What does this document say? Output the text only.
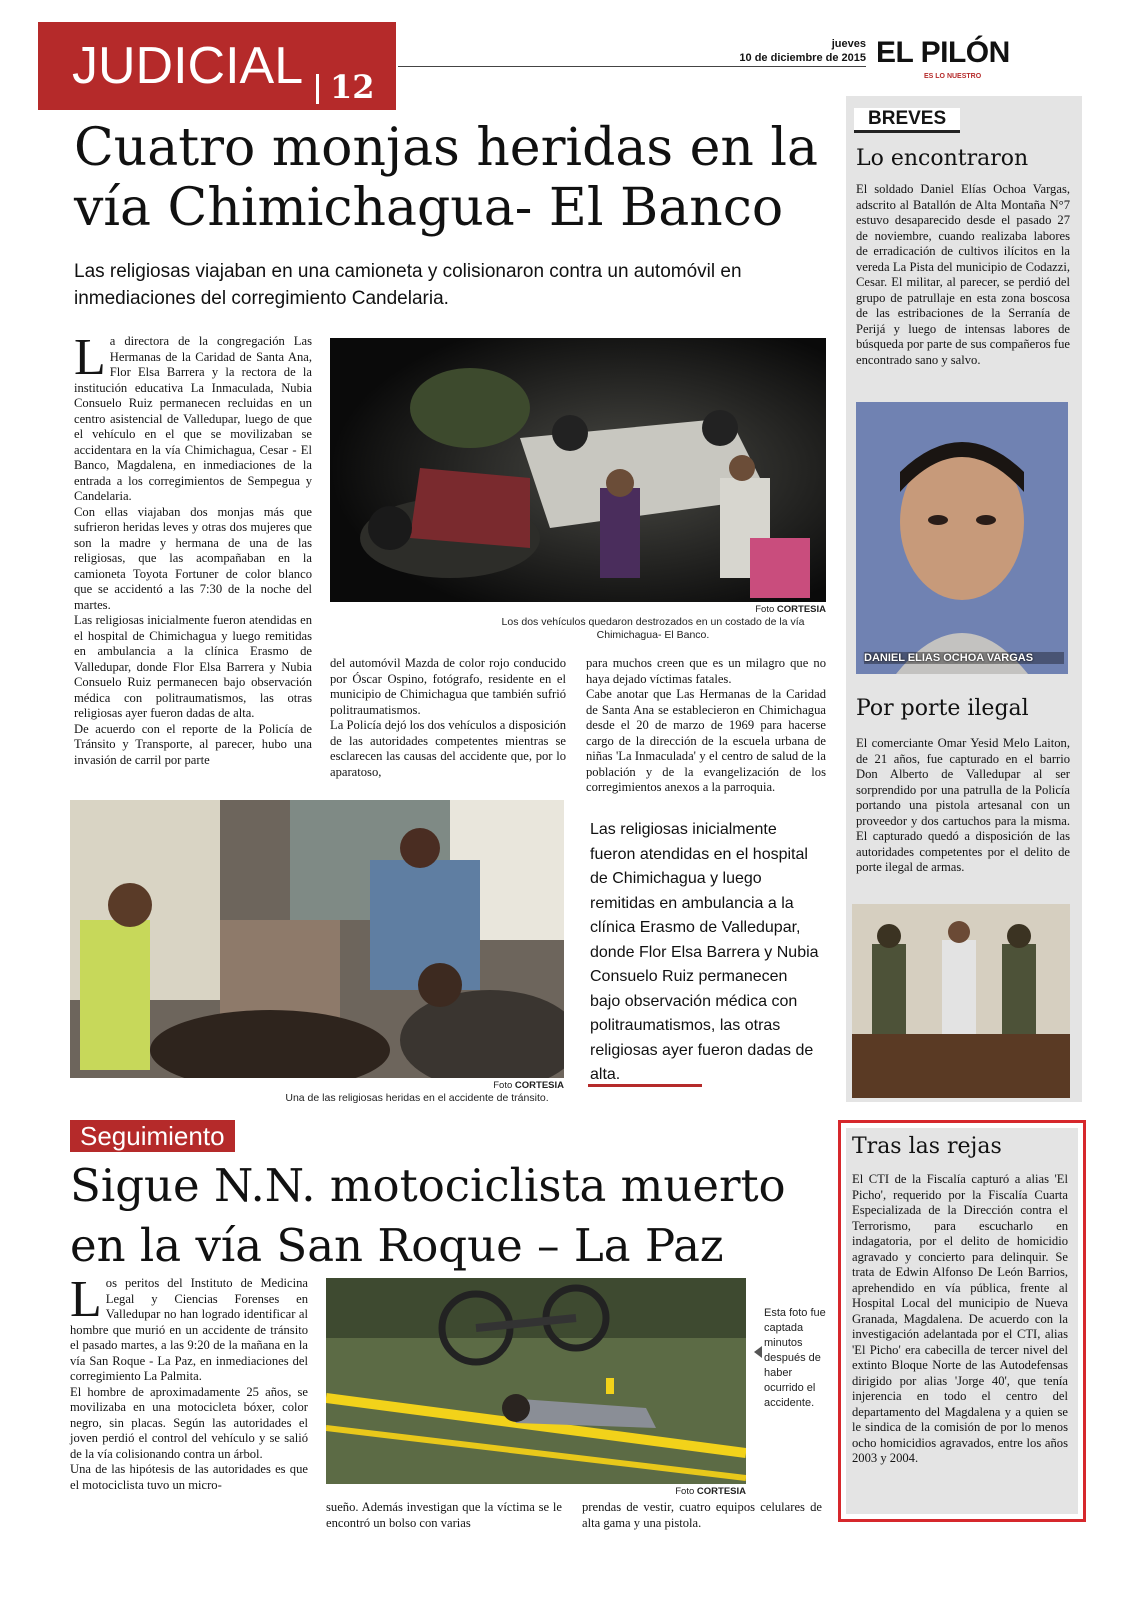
JUDICIAL 12
jueves
10 de diciembre de 2015 EL PILÓN
ES LO NUESTRO
Cuatro monjas heridas en la
vía Chimichagua- El Banco
Las religiosas viajaban en una camioneta y colisionaron contra un automóvil en inmediaciones del corregimiento Candelaria.
L a directora de la congregación Las Hermanas de la Caridad de Santa Ana, Flor Elsa Barrera y la rectora de la institución educativa La Inmaculada, Nubia Consuelo Ruiz permanecen recluidas en un centro asistencial de Valledupar, luego de que el vehículo en el que se movilizaban se accidentara en la vía Chimichagua, Cesar - El Banco, Magdalena, en inmediaciones de la entrada a los corregimientos de Sempegua y Candelaria.

Con ellas viajaban dos monjas más que sufrieron heridas leves y otras dos mujeres que son la madre y hermana de una de las religiosas, que las acompañaban en la camioneta Toyota Fortuner de color blanco que se accidentó a las 7:30 de la noche del martes.

Las religiosas inicialmente fueron atendidas en el hospital de Chimichagua y luego remitidas en ambulancia a la clínica Erasmo de Valledupar, donde Flor Elsa Barrera y Nubia Consuelo Ruiz permanecen bajo observación médica con politraumatismos, las otras religiosas ayer fueron dadas de alta.

De acuerdo con el reporte de la Policía de Tránsito y Transporte, al parecer, hubo una invasión de carril por parte

Foto CORTESIA
Los dos vehículos quedaron destrozados en un costado de la vía Chimichagua- El Banco.

del automóvil Mazda de color rojo conducido por Óscar Ospino, fotógrafo, residente en el municipio de Chimichagua que también sufrió politraumatismos.

La Policía dejó los dos vehículos a disposición de las autoridades competentes mientras se esclarecen las causas del accidente que, por lo aparatoso,

para muchos creen que es un milagro que no haya dejado víctimas fatales.

Cabe anotar que Las Hermanas de la Caridad de Santa Ana se establecieron en Chimichagua desde el 20 de marzo de 1969 para hacerse cargo de la dirección de la escuela urbana de niñas 'La Inmaculada' y el centro de salud de la población y de la evangelización de los corregimientos anexos a la parroquia.

Foto CORTESIA
Una de las religiosas heridas en el accidente de tránsito.
Las religiosas inicialmente fueron atendidas en el hospital de Chimichagua y luego remitidas en ambulancia a la clínica Erasmo de Valledupar, donde Flor Elsa Barrera y Nubia Consuelo Ruiz permanecen bajo observación médica con politraumatismos, las otras religiosas ayer fueron dadas de alta.
Seguimiento
Sigue N.N. motociclista muerto
en la vía San Roque – La Paz
L os peritos del Instituto de Medicina Legal y Ciencias Forenses en Valledupar no han logrado identificar al hombre que murió en un accidente de tránsito el pasado martes, a las 9:20 de la mañana en la vía San Roque - La Paz, en inmediaciones del corregimiento La Palmita.

El hombre de aproximadamente 25 años, se movilizaba en una motocicleta bóxer, color negro, sin placas. Según las autoridades el joven perdió el control del vehículo y se salió de la vía colisionando contra un árbol.

Una de las hipótesis de las autoridades es que el motociclista tuvo un micro-	Foto CORTESIA
Esta foto fue captada minutos después de haber ocurrido el accidente.

sueño. Además investigan que la víctima se le encontró un bolso con varias

prendas de vestir, cuatro equipos celulares de alta gama y una pistola.

BREVES
Lo encontraron
El soldado Daniel Elías Ochoa Vargas, adscrito al Batallón de Alta Montaña N°7 estuvo desaparecido desde el pasado 27 de noviembre, cuando realizaba labores de erradicación de cultivos ilícitos en la vereda La Pista del municipio de Codazzi, Cesar. El militar, al parecer, se perdió del grupo de patrullaje en esta zona boscosa de las estribaciones de la Serranía de Perijá y luego de intensas labores de búsqueda por parte de sus compañeros fue encontrado sano y salvo.
DANIEL ELIAS OCHOA VARGAS
Por porte ilegal
El comerciante Omar Yesid Melo Laiton, de 21 años, fue capturado en el barrio Don Alberto de Valledupar al ser sorprendido por una patrulla de la Policía portando una pistola artesanal con un proveedor y dos cartuchos para la misma. El capturado quedó a disposición de las autoridades competentes por el delito de porte ilegal de armas.
Tras las rejas
El CTI de la Fiscalía capturó a alias 'El Picho', requerido por la Fiscalía Cuarta Especializada de la Dirección contra el Terrorismo, para escucharlo en indagatoria, por el delito de homicidio agravado y concierto para delinquir. Se trata de Edwin Alfonso De León Barrios, aprehendido en vía pública, frente al Hospital Local del municipio de Nueva Granada, Magdalena. De acuerdo con la investigación adelantada por el CTI, alias 'El Picho' era cabecilla de tercer nivel del extinto Bloque Norte de las Autodefensas dirigido por alias 'Jorge 40', que tenía injerencia en todo el centro del departamento del Magdalena y a quien se le sindica de la comisión de por lo menos ocho homicidios agravados, entre los años 2003 y 2004.
